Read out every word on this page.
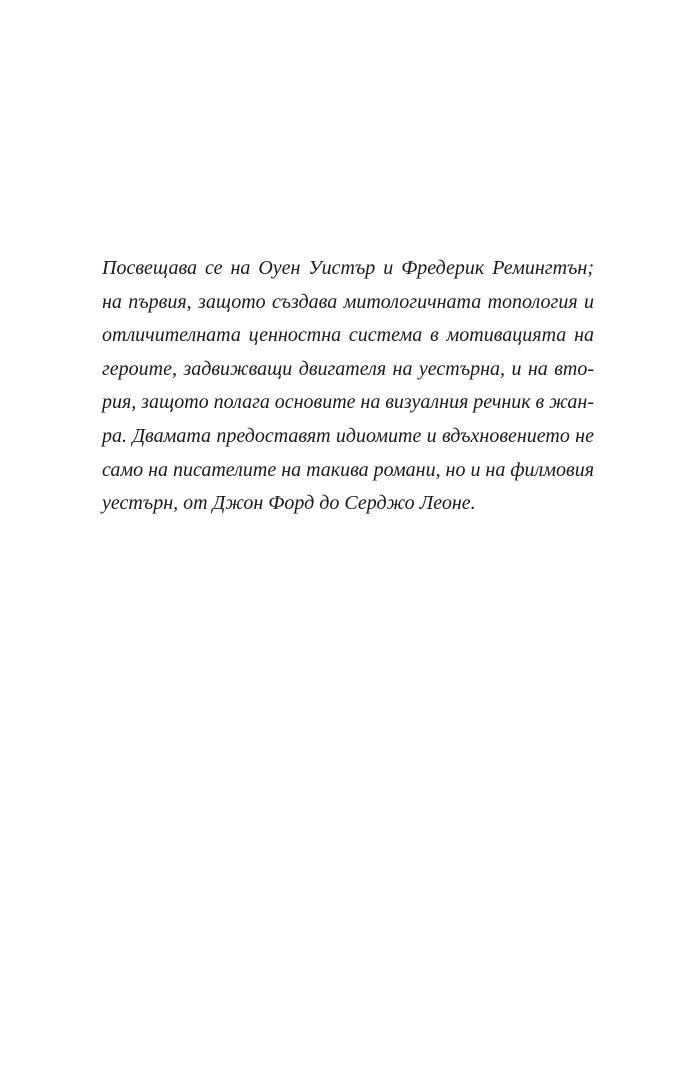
Посвещава се на Оуен Уистър и Фредерик Ремингтън;
на първия, защото създава митологичната топология и
отличителната ценностна система в мотивацията на
героите, задвижващи двигателя на уестърна, и на вто-
рия, защото полага основите на визуалния речник в жан-
ра. Двамата предоставят идиомите и вдъхновението не
само на писателите на такива романи, но и на филмовия
уестърн, от Джон Форд до Серджо Леоне.
